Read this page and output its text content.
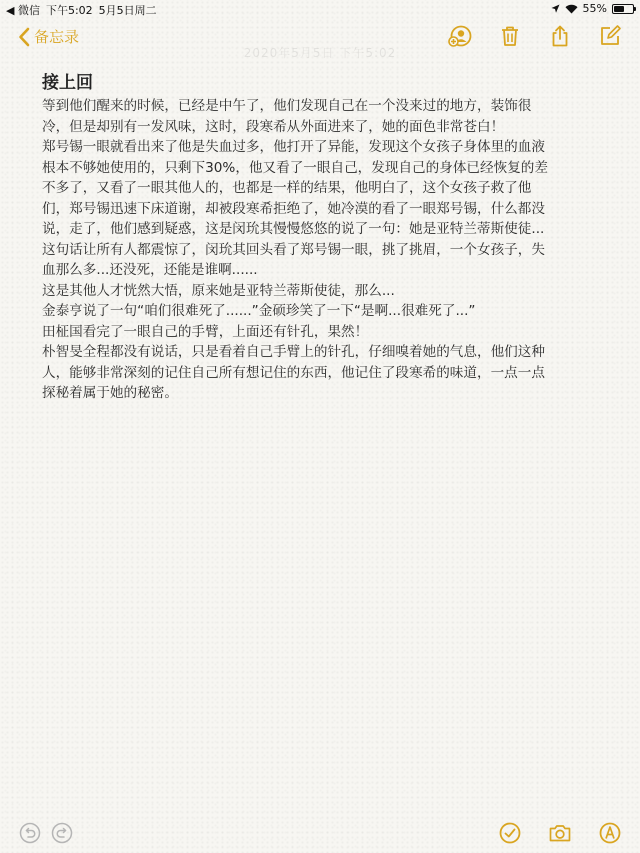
◀ 微信 下午5:02 5月5日周二	55%
备忘录
2020年5月5日 下午5:02
接上回

等到他们醒来的时候，已经是中午了，他们发现自己在一个没来过的地方，装饰很

冷，但是却别有一发风味，这时，段寒希从外面进来了，她的面色非常苍白！

郑号锡一眼就看出来了他是失血过多，他打开了异能，发现这个女孩子身体里的血液

根本不够她使用的，只剩下30%，他又看了一眼自己，发现自己的身体已经恢复的差

不多了，又看了一眼其他人的，也都是一样的结果，他明白了，这个女孩子救了他

们，郑号锡迅速下床道谢，却被段寒希拒绝了，她冷漠的看了一眼郑号锡，什么都没

说，走了，他们感到疑惑，这是闵玧其慢慢悠悠的说了一句：她是亚特兰蒂斯使徒...

这句话让所有人都震惊了，闵玧其回头看了郑号锡一眼，挑了挑眉，一个女孩子，失

血那么多...还没死，还能是谁啊......

这是其他人才恍然大悟，原来她是亚特兰蒂斯使徒，那么...

金泰亨说了一句“咱们很难死了......”金硕珍笑了一下“是啊...很难死了...”

田柾国看完了一眼自己的手臂，上面还有针孔，果然！

朴智旻全程都没有说话，只是看着自己手臂上的针孔，仔细嗅着她的气息，他们这种

人，能够非常深刻的记住自己所有想记住的东西，他记住了段寒希的味道，一点一点

探秘着属于她的秘密。
